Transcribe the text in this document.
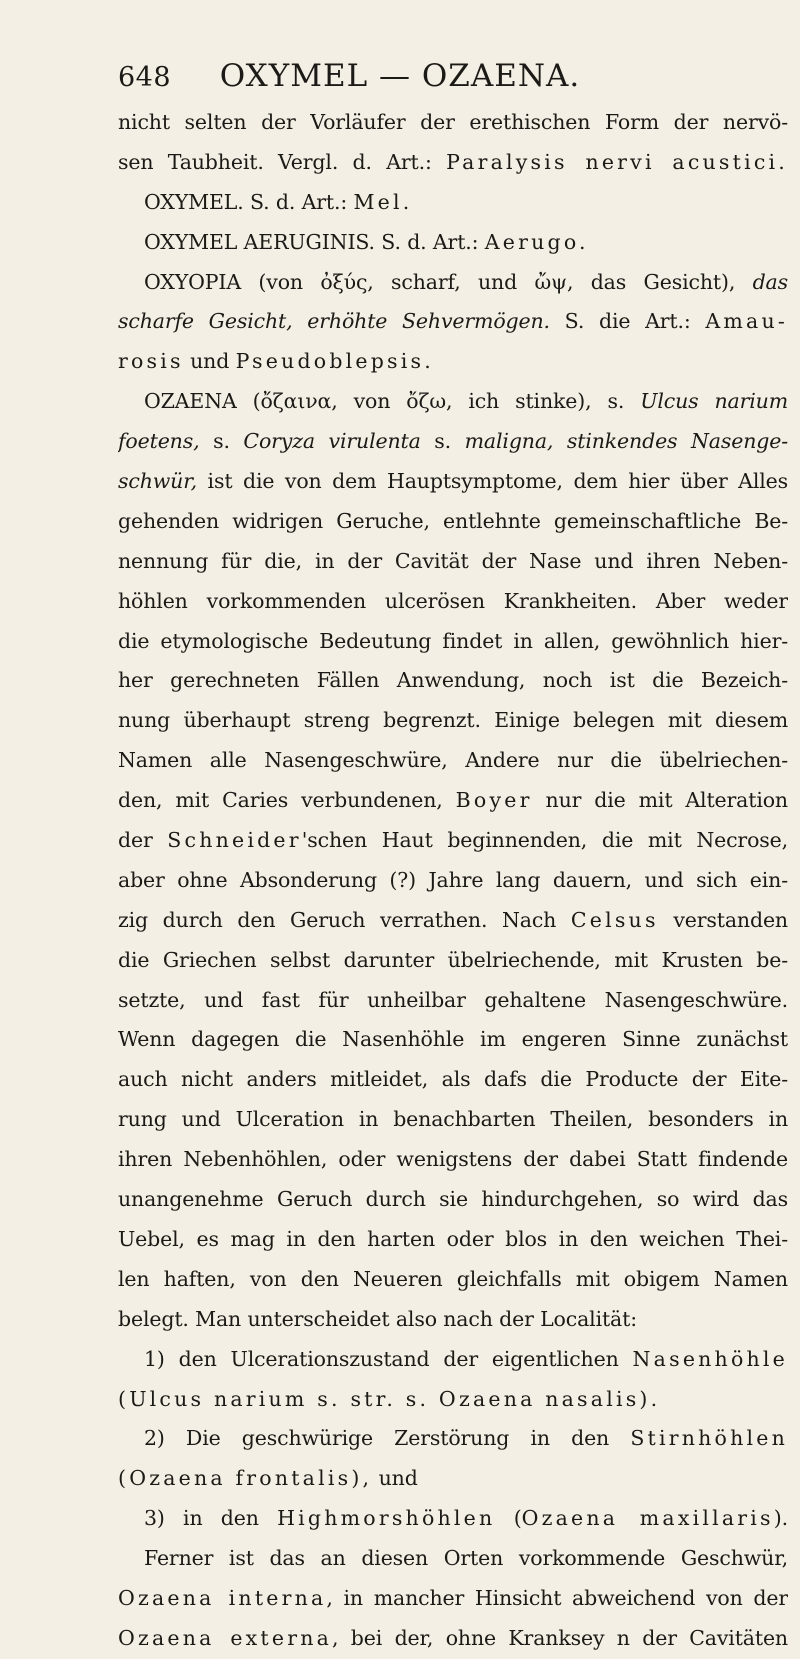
648	OXYMEL — OZAENA.
nicht selten der Vorläufer der erethischen Form der nervö-
sen Taubheit. Vergl. d. Art.: Paralysis nervi acustici.
OXYMEL. S. d. Art.: Mel.
OXYMEL AERUGINIS. S. d. Art.: Aerugo.
OXYOPIA (von ὀξύς, scharf, und ὤψ, das Gesicht), das
scharfe Gesicht, erhöhte Sehvermögen. S. die Art.: Amau-
rosis und Pseudoblepsis.
OZAENA (ὄζαινα, von ὄζω, ich stinke), s. Ulcus narium
foetens, s. Coryza virulenta s. maligna, stinkendes Nasenge-
schwür, ist die von dem Hauptsymptome, dem hier über Alles
gehenden widrigen Geruche, entlehnte gemeinschaftliche Be-
nennung für die, in der Cavität der Nase und ihren Neben-
höhlen vorkommenden ulcerösen Krankheiten. Aber weder
die etymologische Bedeutung findet in allen, gewöhnlich hier-
her gerechneten Fällen Anwendung, noch ist die Bezeich-
nung überhaupt streng begrenzt. Einige belegen mit diesem
Namen alle Nasengeschwüre, Andere nur die übelriechen-
den, mit Caries verbundenen, Boyer nur die mit Alteration
der Schneider'schen Haut beginnenden, die mit Necrose,
aber ohne Absonderung (?) Jahre lang dauern, und sich ein-
zig durch den Geruch verrathen. Nach Celsus verstanden
die Griechen selbst darunter übelriechende, mit Krusten be-
setzte, und fast für unheilbar gehaltene Nasengeschwüre.
Wenn dagegen die Nasenhöhle im engeren Sinne zunächst
auch nicht anders mitleidet, als dafs die Producte der Eite-
rung und Ulceration in benachbarten Theilen, besonders in
ihren Nebenhöhlen, oder wenigstens der dabei Statt findende
unangenehme Geruch durch sie hindurchgehen, so wird das
Uebel, es mag in den harten oder blos in den weichen Thei-
len haften, von den Neueren gleichfalls mit obigem Namen
belegt. Man unterscheidet also nach der Localität:
1) den Ulcerationszustand der eigentlichen Nasenhöhle
(Ulcus narium s. str. s. Ozaena nasalis).
2) Die geschwürige Zerstörung in den Stirnhöhlen
(Ozaena frontalis), und
3) in den Highmorshöhlen (Ozaena maxillaris).
Ferner ist das an diesen Orten vorkommende Geschwür,
Ozaena interna, in mancher Hinsicht abweichend von der
Ozaena externa, bei der, ohne Kranksey n der Cavitäten
